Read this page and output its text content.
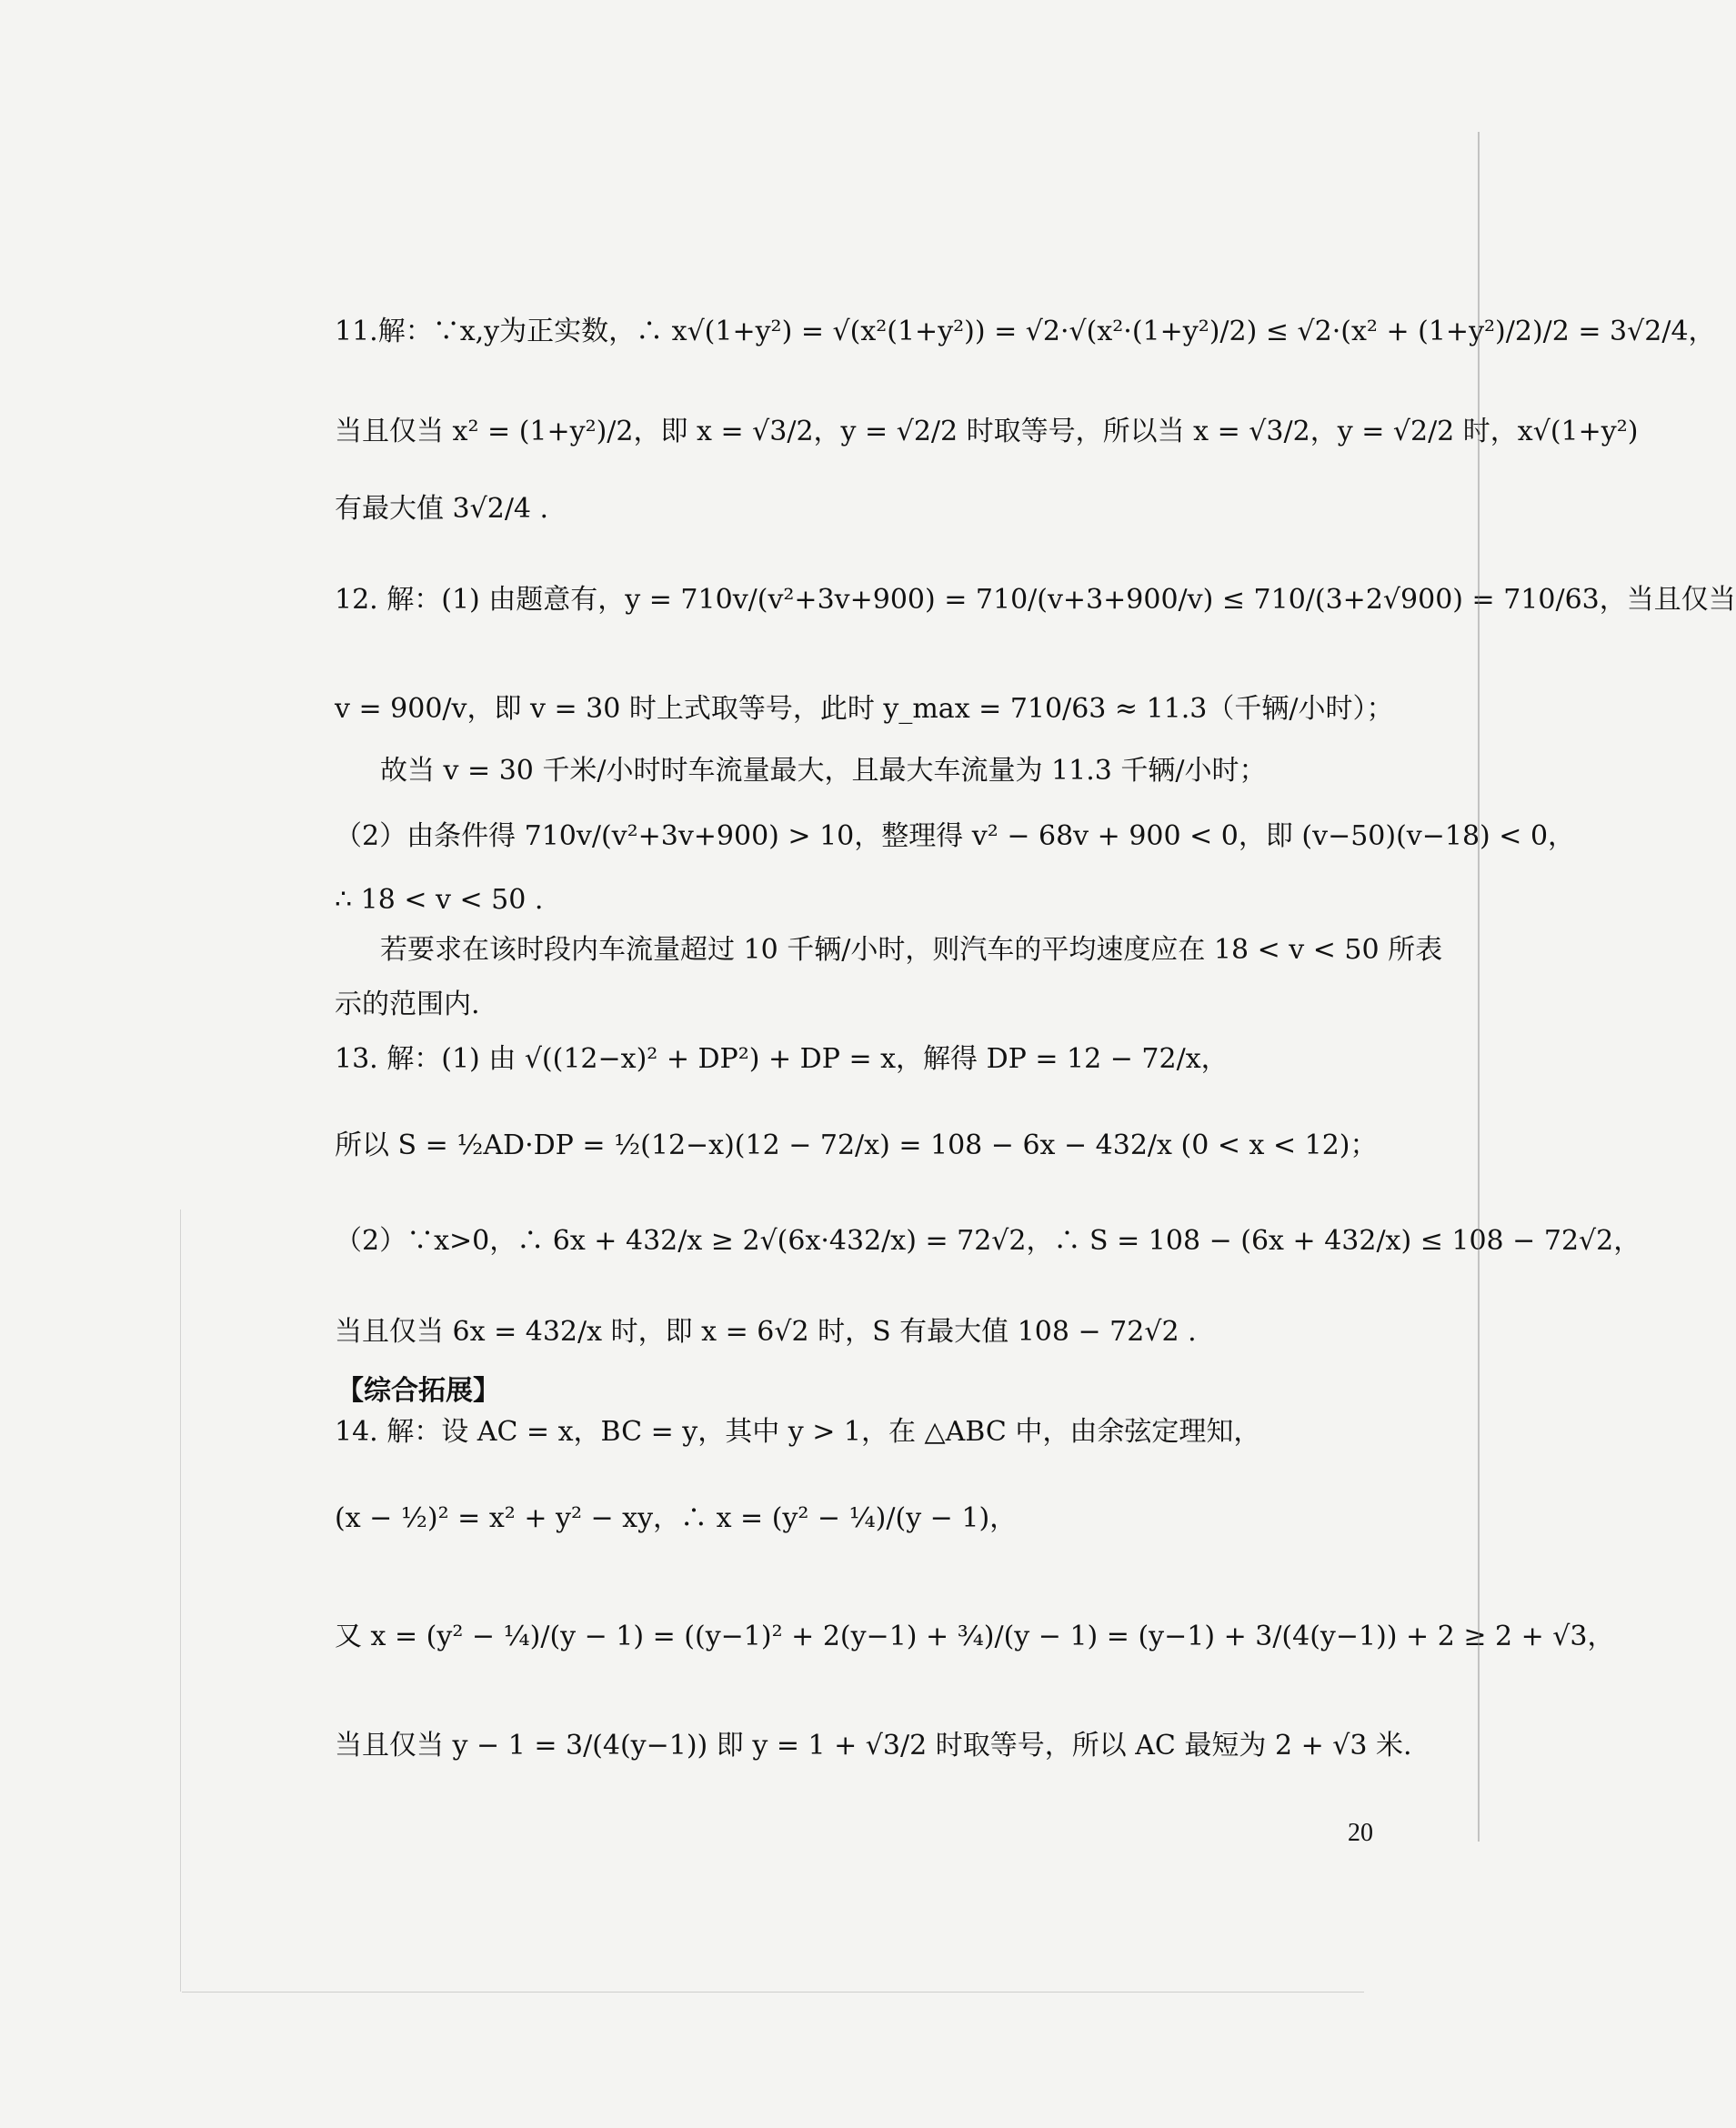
11.解：∵x,y为正实数，∴ x√(1+y²) = √(x²(1+y²)) = √2·√(x²·(1+y²)/2) ≤ √2·(x² + (1+y²)/2)/2 = 3√2/4，
当且仅当 x² = (1+y²)/2，即 x = √3/2，y = √2/2 时取等号，所以当 x = √3/2，y = √2/2 时，x√(1+y²)
有最大值 3√2/4 .
12. 解：(1) 由题意有，y = 710v/(v²+3v+900) = 710/(v+3+900/v) ≤ 710/(3+2√900) = 710/63，当且仅当
v = 900/v，即 v = 30 时上式取等号，此时 y_max = 710/63 ≈ 11.3（千辆/小时）；
故当 v = 30 千米/小时时车流量最大，且最大车流量为 11.3 千辆/小时；
（2）由条件得 710v/(v²+3v+900) > 10，整理得 v² − 68v + 900 < 0，即 (v−50)(v−18) < 0，
∴ 18 < v < 50 .
若要求在该时段内车流量超过 10 千辆/小时，则汽车的平均速度应在 18 < v < 50 所表
示的范围内.
13. 解：(1) 由 √((12−x)² + DP²) + DP = x，解得 DP = 12 − 72/x，
所以 S = ½AD·DP = ½(12−x)(12 − 72/x) = 108 − 6x − 432/x (0 < x < 12)；
（2）∵x>0，∴ 6x + 432/x ≥ 2√(6x·432/x) = 72√2，∴ S = 108 − (6x + 432/x) ≤ 108 − 72√2，
当且仅当 6x = 432/x 时，即 x = 6√2 时，S 有最大值 108 − 72√2 .
【综合拓展】
14. 解：设 AC = x，BC = y，其中 y > 1，在 △ABC 中，由余弦定理知，
(x − ½)² = x² + y² − xy，∴ x = (y² − ¼)/(y − 1)，
又 x = (y² − ¼)/(y − 1) = ((y−1)² + 2(y−1) + ¾)/(y − 1) = (y−1) + 3/(4(y−1)) + 2 ≥ 2 + √3，
当且仅当 y − 1 = 3/(4(y−1)) 即 y = 1 + √3/2 时取等号，所以 AC 最短为 2 + √3 米.
20
